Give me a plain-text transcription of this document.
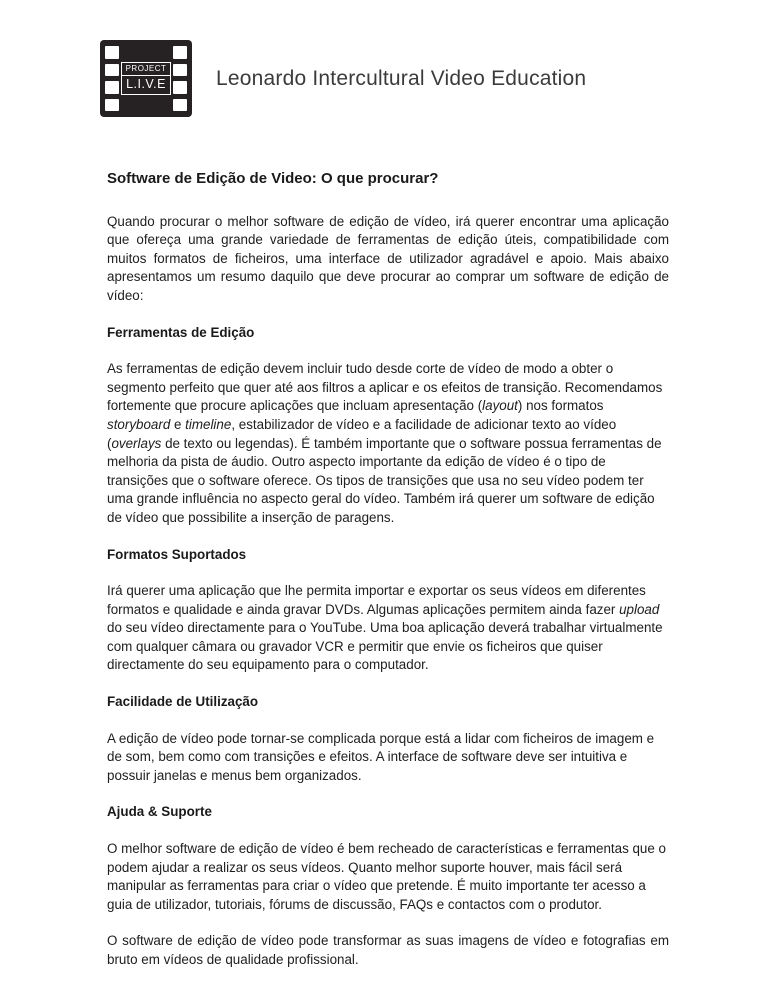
PROJECT
L.I.V.E Leonardo Intercultural Video Education
Software de Edição de Video: O que procurar?

Quando procurar o melhor software de edição de vídeo, irá querer encontrar uma aplicação que ofereça uma grande variedade de ferramentas de edição úteis, compatibilidade com muitos formatos de ficheiros, uma interface de utilizador agradável e apoio. Mais abaixo apresentamos um resumo daquilo que deve procurar ao comprar um software de edição de vídeo:

Ferramentas de Edição

As ferramentas de edição devem incluir tudo desde corte de vídeo de modo a obter o segmento perfeito que quer até aos filtros a aplicar e os efeitos de transição. Recomendamos fortemente que procure aplicações que incluam apresentação (layout) nos formatos storyboard e timeline, estabilizador de vídeo e a facilidade de adicionar texto ao vídeo (overlays de texto ou legendas). É também importante que o software possua ferramentas de melhoria da pista de áudio. Outro aspecto importante da edição de vídeo é o tipo de transições que o software oferece. Os tipos de transições que usa no seu vídeo podem ter uma grande influência no aspecto geral do vídeo. Também irá querer um software de edição de vídeo que possibilite a inserção de paragens.

Formatos Suportados

Irá querer uma aplicação que lhe permita importar e exportar os seus vídeos em diferentes formatos e qualidade e ainda gravar DVDs. Algumas aplicações permitem ainda fazer upload do seu vídeo directamente para o YouTube. Uma boa aplicação deverá trabalhar virtualmente com qualquer câmara ou gravador VCR e permitir que envie os ficheiros que quiser directamente do seu equipamento para o computador.

Facilidade de Utilização

A edição de vídeo pode tornar-se complicada porque está a lidar com ficheiros de imagem e de som, bem como com transições e efeitos. A interface de software deve ser intuitiva e possuir janelas e menus bem organizados.

Ajuda & Suporte

O melhor software de edição de vídeo é bem recheado de características e ferramentas que o podem ajudar a realizar os seus vídeos. Quanto melhor suporte houver, mais fácil será manipular as ferramentas para criar o vídeo que pretende. É muito importante ter acesso a guia de utilizador, tutoriais, fórums de discussão, FAQs e contactos com o produtor.

O software de edição de vídeo pode transformar as suas imagens de vídeo e fotografias em bruto em vídeos de qualidade profissional.
